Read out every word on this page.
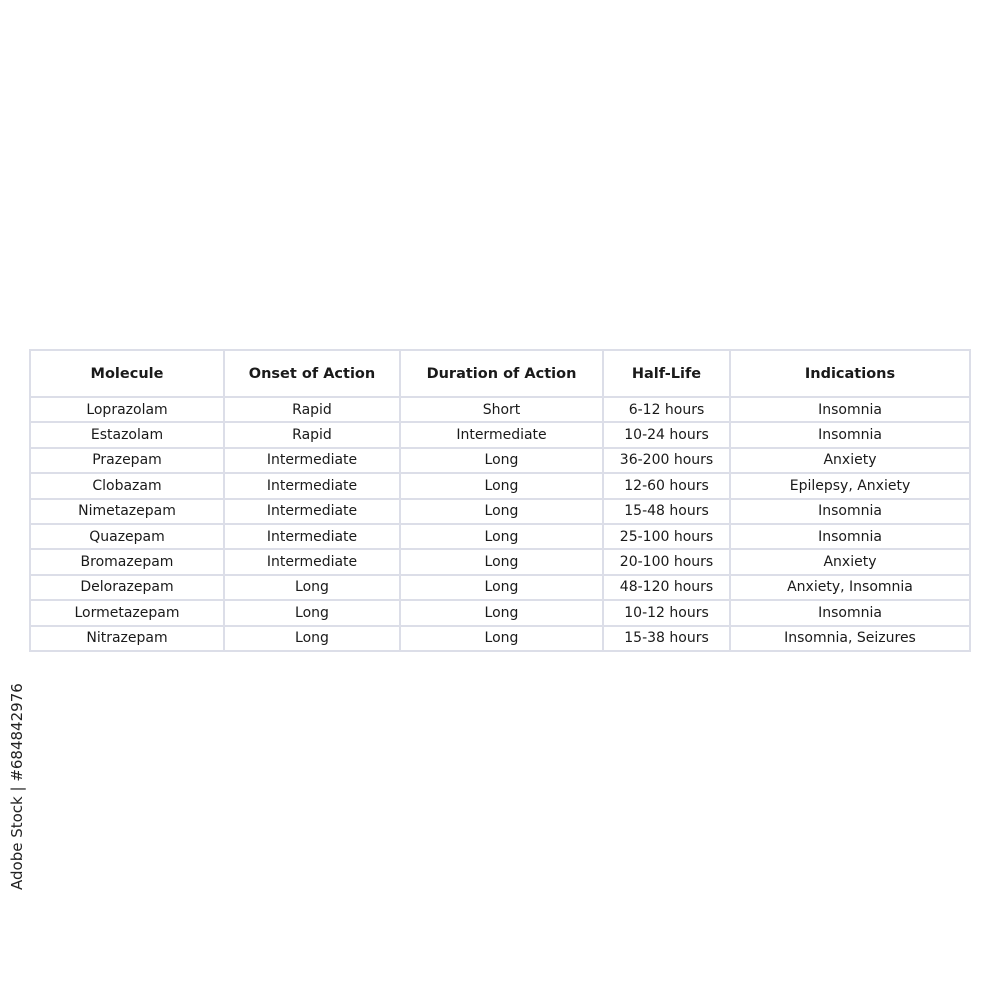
Molecule	Onset of Action	Duration of Action	Half-Life	Indications
Loprazolam	Rapid	Short	6-12 hours	Insomnia
Estazolam	Rapid	Intermediate	10-24 hours	Insomnia
Prazepam	Intermediate	Long	36-200 hours	Anxiety
Clobazam	Intermediate	Long	12-60 hours	Epilepsy, Anxiety
Nimetazepam	Intermediate	Long	15-48 hours	Insomnia
Quazepam	Intermediate	Long	25-100 hours	Insomnia
Bromazepam	Intermediate	Long	20-100 hours	Anxiety
Delorazepam	Long	Long	48-120 hours	Anxiety, Insomnia
Lormetazepam	Long	Long	10-12 hours	Insomnia
Nitrazepam	Long	Long	15-38 hours	Insomnia, Seizures
Adobe Stock | #684842976
